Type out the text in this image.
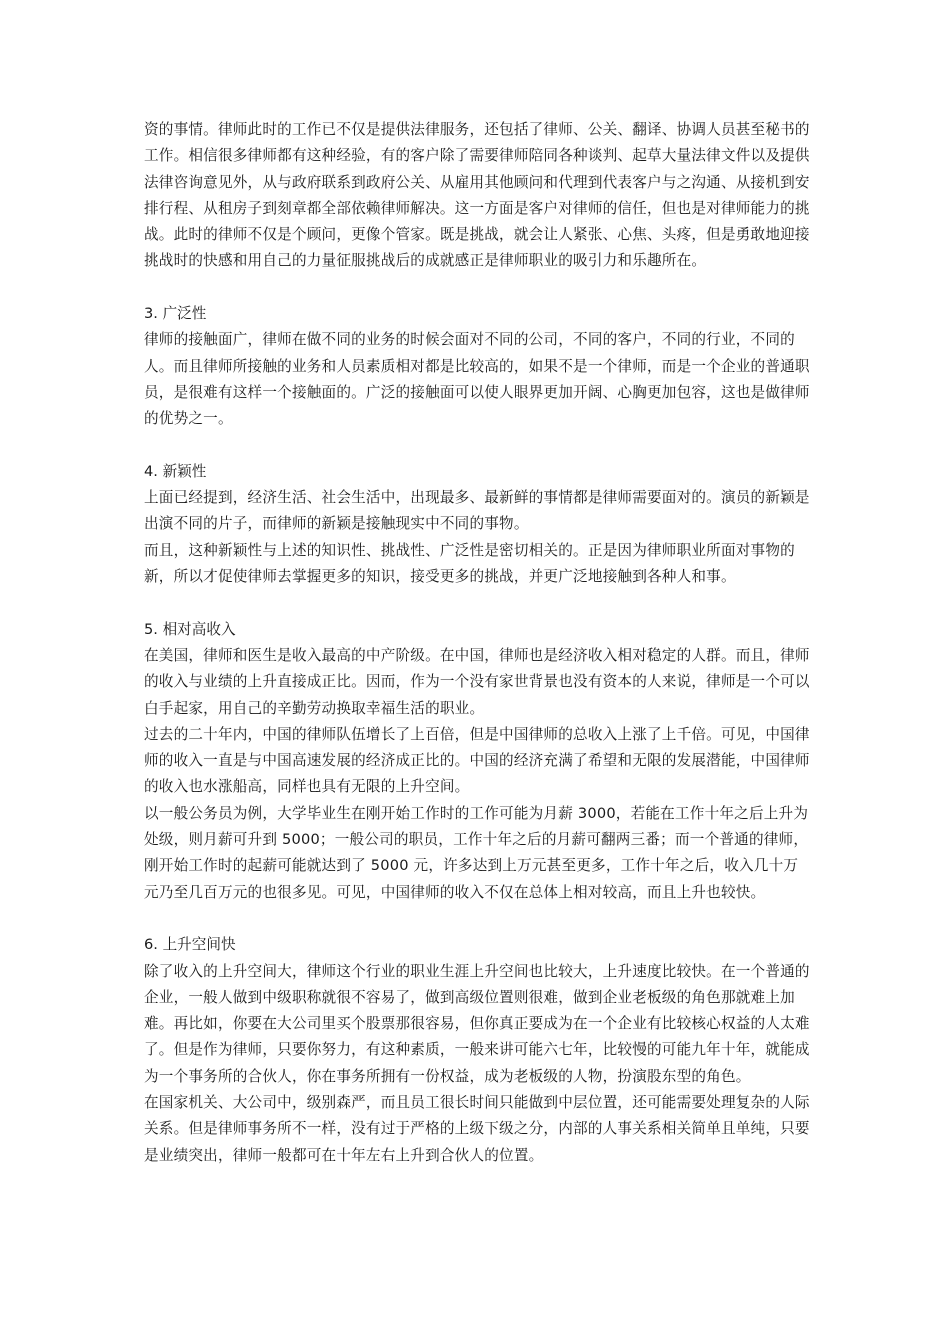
资的事情。律师此时的工作已不仅是提供法律服务，还包括了律师、公关、翻译、协调人员甚至秘书的工作。相信很多律师都有这种经验，有的客户除了需要律师陪同各种谈判、起草大量法律文件以及提供法律咨询意见外，从与政府联系到政府公关、从雇用其他顾问和代理到代表客户与之沟通、从接机到安排行程、从租房子到刻章都全部依赖律师解决。这一方面是客户对律师的信任，但也是对律师能力的挑战。此时的律师不仅是个顾问，更像个管家。既是挑战，就会让人紧张、心焦、头疼，但是勇敢地迎接挑战时的快感和用自己的力量征服挑战后的成就感正是律师职业的吸引力和乐趣所在。

3. 广泛性

律师的接触面广，律师在做不同的业务的时候会面对不同的公司，不同的客户，不同的行业，不同的人。而且律师所接触的业务和人员素质相对都是比较高的，如果不是一个律师，而是一个企业的普通职员，是很难有这样一个接触面的。广泛的接触面可以使人眼界更加开阔、心胸更加包容，这也是做律师的优势之一。

4. 新颖性

上面已经提到，经济生活、社会生活中，出现最多、最新鲜的事情都是律师需要面对的。演员的新颖是出演不同的片子，而律师的新颖是接触现实中不同的事物。

而且，这种新颖性与上述的知识性、挑战性、广泛性是密切相关的。正是因为律师职业所面对事物的新，所以才促使律师去掌握更多的知识，接受更多的挑战，并更广泛地接触到各种人和事。

5. 相对高收入

在美国，律师和医生是收入最高的中产阶级。在中国，律师也是经济收入相对稳定的人群。而且，律师的收入与业绩的上升直接成正比。因而，作为一个没有家世背景也没有资本的人来说，律师是一个可以白手起家，用自己的辛勤劳动换取幸福生活的职业。

过去的二十年内，中国的律师队伍增长了上百倍，但是中国律师的总收入上涨了上千倍。可见，中国律师的收入一直是与中国高速发展的经济成正比的。中国的经济充满了希望和无限的发展潜能，中国律师的收入也水涨船高，同样也具有无限的上升空间。

以一般公务员为例，大学毕业生在刚开始工作时的工作可能为月薪 3000，若能在工作十年之后上升为处级，则月薪可升到 5000；一般公司的职员，工作十年之后的月薪可翻两三番；而一个普通的律师，刚开始工作时的起薪可能就达到了 5000 元，许多达到上万元甚至更多，工作十年之后，收入几十万元乃至几百万元的也很多见。可见，中国律师的收入不仅在总体上相对较高，而且上升也较快。

6. 上升空间快

除了收入的上升空间大，律师这个行业的职业生涯上升空间也比较大，上升速度比较快。在一个普通的企业，一般人做到中级职称就很不容易了，做到高级位置则很难，做到企业老板级的角色那就难上加难。再比如，你要在大公司里买个股票那很容易，但你真正要成为在一个企业有比较核心权益的人太难了。但是作为律师，只要你努力，有这种素质，一般来讲可能六七年，比较慢的可能九年十年，就能成为一个事务所的合伙人，你在事务所拥有一份权益，成为老板级的人物，扮演股东型的角色。

在国家机关、大公司中，级别森严，而且员工很长时间只能做到中层位置，还可能需要处理复杂的人际关系。但是律师事务所不一样，没有过于严格的上级下级之分，内部的人事关系相关简单且单纯，只要是业绩突出，律师一般都可在十年左右上升到合伙人的位置。
